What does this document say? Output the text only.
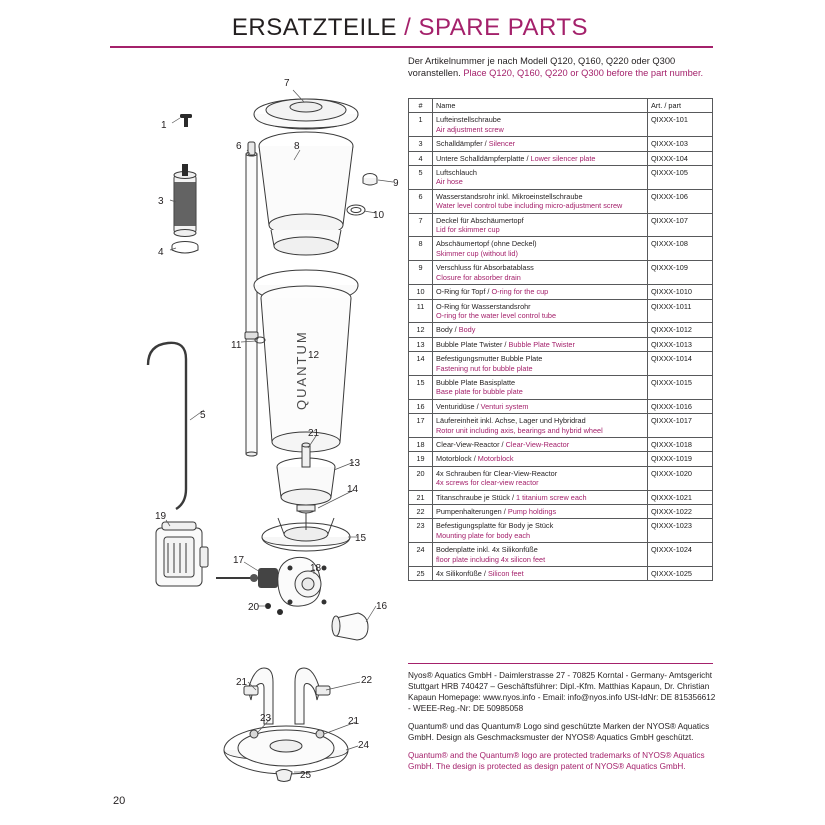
ERSATZTEILE / SPARE PARTS
Der Artikelnummer je nach Modell Q120, Q160, Q220 oder Q300 voranstellen. Place Q120, Q160, Q220 or Q300 before the part number.
#	Name	Art. / part
1	Lufteinstellschraube
Air adjustment screw	QIXXX-101
3	Schalldämpfer / Silencer	QIXXX-103
4	Untere Schalldämpferplatte / Lower silencer plate	QIXXX-104
5	Luftschlauch
Air hose	QIXXX-105
6	Wasserstandsrohr inkl. Mikroeinstellschraube
Water level control tube including micro-adjustment screw	QIXXX-106
7	Deckel für Abschäumertopf
Lid for skimmer cup	QIXXX-107
8	Abschäumertopf (ohne Deckel)
Skimmer cup (without lid)	QIXXX-108
9	Verschluss für Absorbatablass
Closure for absorber drain	QIXXX-109
10	O-Ring für Topf / O-ring for the cup	QIXXX-1010
11	O-Ring für Wasserstandsrohr
O-ring for the water level control tube	QIXXX-1011
12	Body / Body	QIXXX-1012
13	Bubble Plate Twister / Bubble Plate Twister	QIXXX-1013
14	Befestigungsmutter Bubble Plate
Fastening nut for bubble plate	QIXXX-1014
15	Bubble Plate Basisplatte
Base plate for bubble plate	QIXXX-1015
16	Venturidüse / Venturi system	QIXXX-1016
17	Läufereinheit inkl. Achse, Lager und Hybridrad
Rotor unit including axis, bearings and hybrid wheel	QIXXX-1017
18	Clear-View-Reactor / Clear-View-Reactor	QIXXX-1018
19	Motorblock / Motorblock	QIXXX-1019
20	4x Schrauben für Clear-View-Reactor
4x screws for clear-view reactor	QIXXX-1020
21	Titanschraube je Stück / 1 titanium screw each	QIXXX-1021
22	Pumpenhalterungen / Pump holdings	QIXXX-1022
23	Befestigungsplatte für Body je Stück
Mounting plate for body each	QIXXX-1023
24	Bodenplatte inkl. 4x Silikonfüße
floor plate including 4x silicon feet	QIXXX-1024
25	4x Silikonfüße / Silicon feet	QIXXX-1025

Nyos® Aquatics GmbH - Daimlerstrasse 27 - 70825 Korntal - Germany- Amtsgericht Stuttgart HRB 740427 – Geschäftsführer: Dipl.-Kfm. Matthias Kapaun, Dr. Christian Kapaun Homepage: www.nyos.info - Email: info@nyos.info USt-IdNr: DE 815356612 - WEEE-Reg.-Nr: DE 50985058

Quantum® und das Quantum® Logo sind geschützte Marken der NYOS® Aquatics GmbH. Design als Geschmacksmuster der NYOS® Aquatics GmbH geschützt.

Quantum® and the Quantum® logo are protected trademarks of NYOS® Aquatics GmbH. The design is protected as design patent of NYOS® Aquatics GmbH.

20
QUANTUM
1
3
4
5
6
7
8
9
10
11
12
13
14
15
16
17
18
19
20
21
21
21
22
23
24
25
